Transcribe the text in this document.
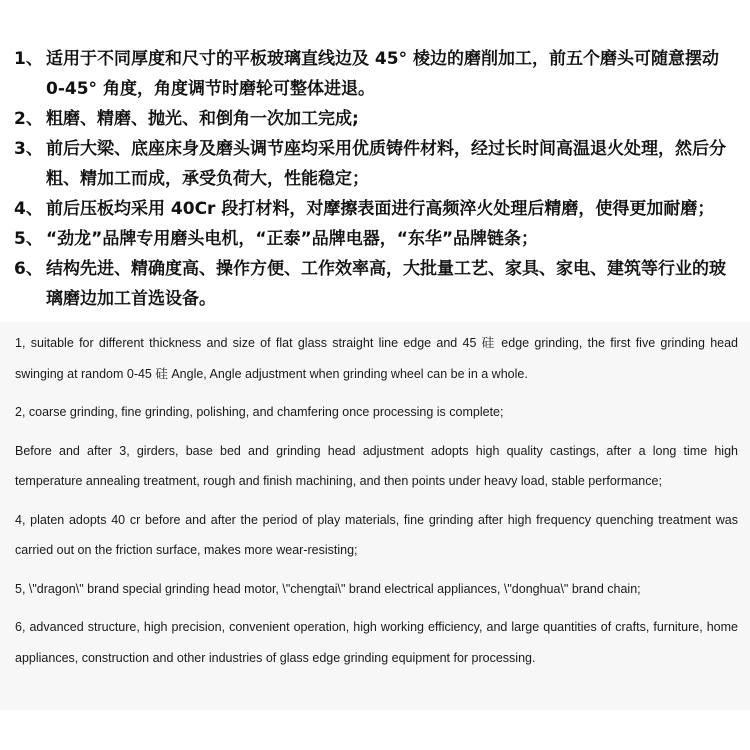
1、 适用于不同厚度和尺寸的平板玻璃直线边及 45° 棱边的磨削加工，前五个磨头可随意摆动 0-45° 角度，角度调节时磨轮可整体进退。
2、 粗磨、精磨、抛光、和倒角一次加工完成;
3、 前后大梁、底座床身及磨头调节座均采用优质铸件材料，经过长时间高温退火处理，然后分粗、精加工而成，承受负荷大，性能稳定；
4、 前后压板均采用 40Cr 段打材料，对摩擦表面进行高频淬火处理后精磨，使得更加耐磨；
5、 “劲龙”品牌专用磨头电机，“正泰”品牌电器，“东华”品牌链条；
6、 结构先进、精确度高、操作方便、工作效率高，大批量工艺、家具、家电、建筑等行业的玻璃磨边加工首选设备。

1, suitable for different thickness and size of flat glass straight line edge and 45 硅 edge grinding, the first five grinding head swinging at random 0-45 硅 Angle, Angle adjustment when grinding wheel can be in a whole.

2, coarse grinding, fine grinding, polishing, and chamfering once processing is complete;

Before and after 3, girders, base bed and grinding head adjustment adopts high quality castings, after a long time high temperature annealing treatment, rough and finish machining, and then points under heavy load, stable performance;

4, platen adopts 40 cr before and after the period of play materials, fine grinding after high frequency quenching treatment was carried out on the friction surface, makes more wear-resisting;

5, \"dragon\" brand special grinding head motor, \"chengtai\" brand electrical appliances, \"donghua\" brand chain;

6, advanced structure, high precision, convenient operation, high working efficiency, and large quantities of crafts, furniture, home appliances, construction and other industries of glass edge grinding equipment for processing.
